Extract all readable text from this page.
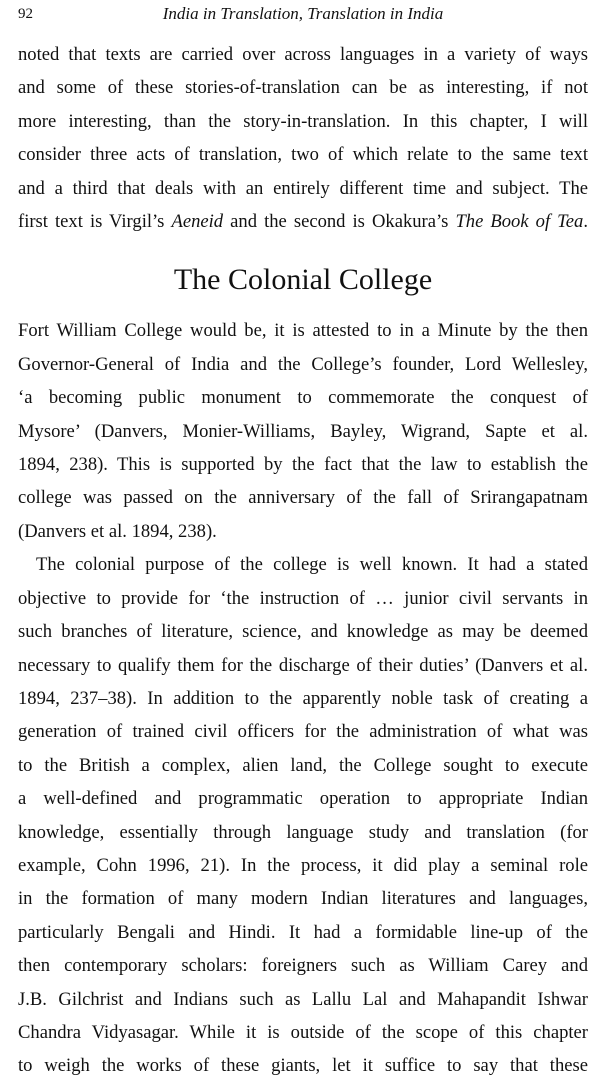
92	India in Translation, Translation in India

noted that texts are carried over across languages in a variety of ways
and some of these stories-of-translation can be as interesting, if not
more interesting, than the story-in-translation. In this chapter, I will
consider three acts of translation, two of which relate to the same text
and a third that deals with an entirely different time and subject. The
first text is Virgil’s Aeneid and the second is Okakura’s The Book of Tea.

The Colonial College

Fort William College would be, it is attested to in a Minute by the then
Governor-General of India and the College’s founder, Lord Wellesley,
‘a becoming public monument to commemorate the conquest of
Mysore’ (Danvers, Monier-Williams, Bayley, Wigrand, Sapte et al.
1894, 238). This is supported by the fact that the law to establish the
college was passed on the anniversary of the fall of Srirangapatnam
(Danvers et al. 1894, 238).

The colonial purpose of the college is well known. It had a stated
objective to provide for ‘the instruction of … junior civil servants in
such branches of literature, science, and knowledge as may be deemed
necessary to qualify them for the discharge of their duties’ (Danvers et al.
1894, 237–38). In addition to the apparently noble task of creating a
generation of trained civil officers for the administration of what was
to the British a complex, alien land, the College sought to execute
a well-defined and programmatic operation to appropriate Indian
knowledge, essentially through language study and translation (for
example, Cohn 1996, 21). In the process, it did play a seminal role
in the formation of many modern Indian literatures and languages,
particularly Bengali and Hindi. It had a formidable line-up of the
then contemporary scholars: foreigners such as William Carey and
J.B. Gilchrist and Indians such as Lallu Lal and Mahapandit Ishwar
Chandra Vidyasagar. While it is outside of the scope of this chapter
to weigh the works of these giants, let it suffice to say that these
